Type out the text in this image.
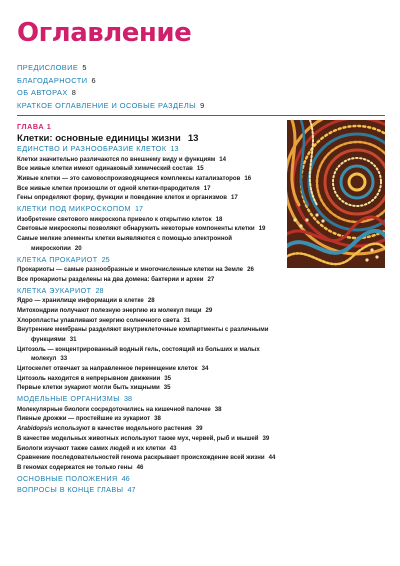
Оглавление
ПРЕДИСЛОВИЕ 5
БЛАГОДАРНОСТИ 6
ОБ АВТОРАХ 8
КРАТКОЕ ОГЛАВЛЕНИЕ И ОСОБЫЕ РАЗДЕЛЫ 9
ГЛАВА 1
Клетки: основные единицы жизни 13
ЕДИНСТВО И РАЗНООБРАЗИЕ КЛЕТОК 13
Клетки значительно различаются по внешнему виду и функциям 14
Все живые клетки имеют одинаковый химический состав 15
Живые клетки — это самовоспроизводящиеся комплексы катализаторов 16
Все живые клетки произошли от одной клетки-прародителя 17
Гены определяют форму, функции и поведение клеток и организмов 17
КЛЕТКИ ПОД МИКРОСКОПОМ 17
Изобретение светового микроскопа привело к открытию клеток 18
Световые микроскопы позволяют обнаружить некоторые компоненты клетки 19
Самые мелкие элементы клетки выявляются с помощью электронной микроскопии 20
КЛЕТКА ПРОКАРИОТ 25
Прокариоты — самые разнообразные и многочисленные клетки на Земле 26
Все прокариоты разделены на два домена: бактерии и археи 27
КЛЕТКА ЭУКАРИОТ 28
Ядро — хранилище информации в клетке 28
Митохондрии получают полезную энергию из молекул пищи 29
Хлоропласты улавливают энергию солнечного света 31
Внутренние мембраны разделяют внутриклеточные компартменты с различными функциями 31
Цитозоль — концентрированный водный гель, состоящий из больших и малых молекул 33
Цитоскелет отвечает за направленное перемещение клеток 34
Цитозоль находится в непрерывном движении 35
Первые клетки эукариот могли быть хищными 35
МОДЕЛЬНЫЕ ОРГАНИЗМЫ 38
Молекулярные биологи сосредоточились на кишечной палочке 38
Пивные дрожжи — простейшие из эукариот 38
Arabidopsis используют в качестве модельного растения 39
В качестве модельных животных используют также мух, червей, рыб и мышей 39
Биологи изучают также самих людей и их клетки 43
Сравнение последовательностей генома раскрывает происхождение всей жизни 44
В геномах содержатся не только гены 46
ОСНОВНЫЕ ПОЛОЖЕНИЯ 46
ВОПРОСЫ В КОНЦЕ ГЛАВЫ 47
